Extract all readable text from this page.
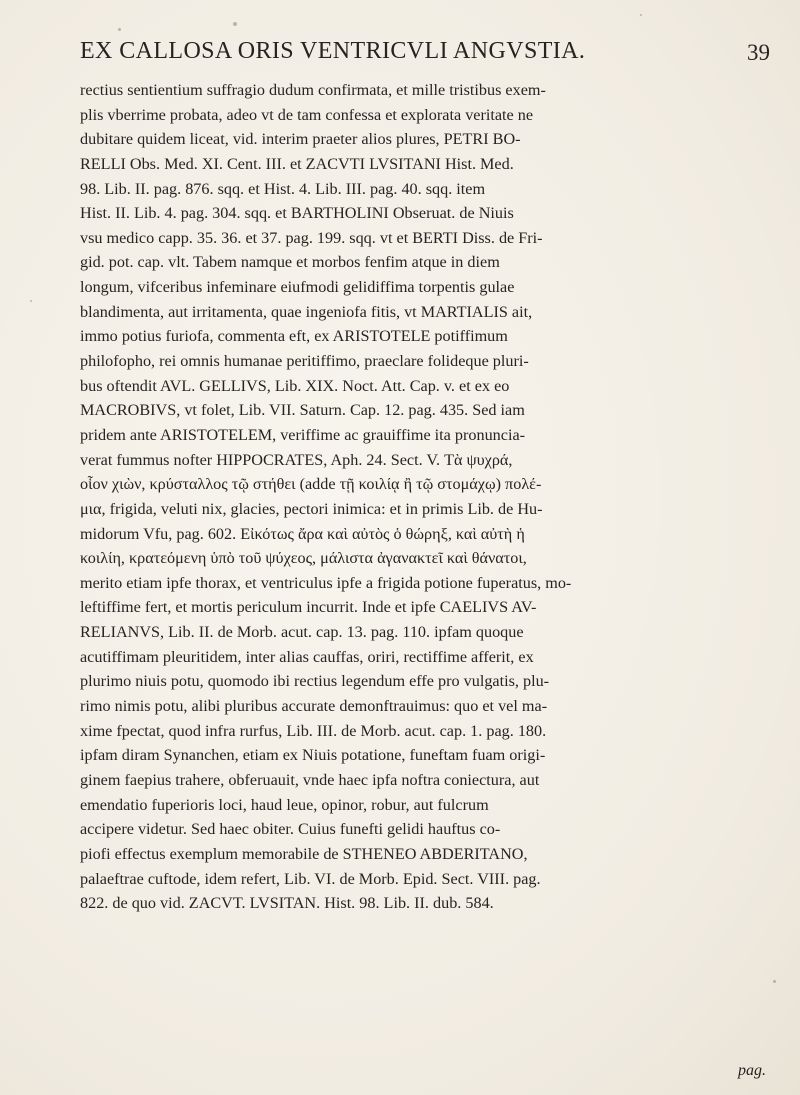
EX CALLOSA ORIS VENTRICVLI ANGVSTIA.	39
rectius sentientium suffragio dudum confirmata, et mille tristibus exem-
plis vberrime probata, adeo vt de tam confessa et explorata veritate ne
dubitare quidem liceat, vid. interim praeter alios plures, PETRI BO-
RELLI Obs. Med. XI. Cent. III. et ZACVTI LVSITANI Hist. Med.
98. Lib. II. pag. 876. sqq. et Hist. 4. Lib. III. pag. 40. sqq. item
Hist. II. Lib. 4. pag. 304. sqq. et BARTHOLINI Obseruat. de Niuis
vsu medico capp. 35. 36. et 37. pag. 199. sqq. vt et BERTI Diss. de Fri-
gid. pot. cap. vlt. Tabem namque et morbos fenfim atque in diem
longum, vifceribus infeminare eiufmodi gelidiffima torpentis gulae
blandimenta, aut irritamenta, quae ingeniofa fitis, vt MARTIALIS ait,
immo potius furiofa, commenta eft, ex ARISTOTELE potiffimum
philofopho, rei omnis humanae peritiffimo, praeclare folideque pluri-
bus oftendit AVL. GELLIVS, Lib. XIX. Noct. Att. Cap. v. et ex eo
MACROBIVS, vt folet, Lib. VII. Saturn. Cap. 12. pag. 435. Sed iam
pridem ante ARISTOTELEM, veriffime ac grauiffime ita pronuncia-
verat fummus nofter HIPPOCRATES, Aph. 24. Sect. V. Τὰ ψυχρά,
οἷον χιὼν, κρύσταλλος τῷ στήθει (adde τῇ κοιλίᾳ ἢ τῷ στομάχῳ) πολέ-
μια, frigida, veluti nix, glacies, pectori inimica: et in primis Lib. de Hu-
midorum Vfu, pag. 602. Εἰκότως ἄρα καὶ αὐτὸς ὁ θώρηξ, καὶ αὐτὴ ἡ
κοιλίη, κρατεόμενη ὑπὸ τοῦ ψύχεος, μάλιστα ἀγανακτεῖ καὶ θάνατοι,
merito etiam ipfe thorax, et ventriculus ipfe a frigida potione fuperatus, mo-
leftiffime fert, et mortis periculum incurrit. Inde et ipfe CAELIVS AV-
RELIANVS, Lib. II. de Morb. acut. cap. 13. pag. 110. ipfam quoque
acutiffimam pleuritidem, inter alias cauffas, oriri, rectiffime afferit, ex
plurimo niuis potu, quomodo ibi rectius legendum effe pro vulgatis, plu-
rimo nimis potu, alibi pluribus accurate demonftrauimus: quo et vel ma-
xime fpectat, quod infra rurfus, Lib. III. de Morb. acut. cap. 1. pag. 180.
ipfam diram Synanchen, etiam ex Niuis potatione, funeftam fuam origi-
ginem faepius trahere, obferuauit, vnde haec ipfa noftra coniectura, aut
emendatio fuperioris loci, haud leue, opinor, robur, aut fulcrum
accipere videtur. Sed haec obiter. Cuius funefti gelidi hauftus co-
piofi effectus exemplum memorabile de STHENEO ABDERITANO,
palaeftrae cuftode, idem refert, Lib. VI. de Morb. Epid. Sect. VIII. pag.
822. de quo vid. ZACVT. LVSITAN. Hist. 98. Lib. II. dub. 584.
pag.
